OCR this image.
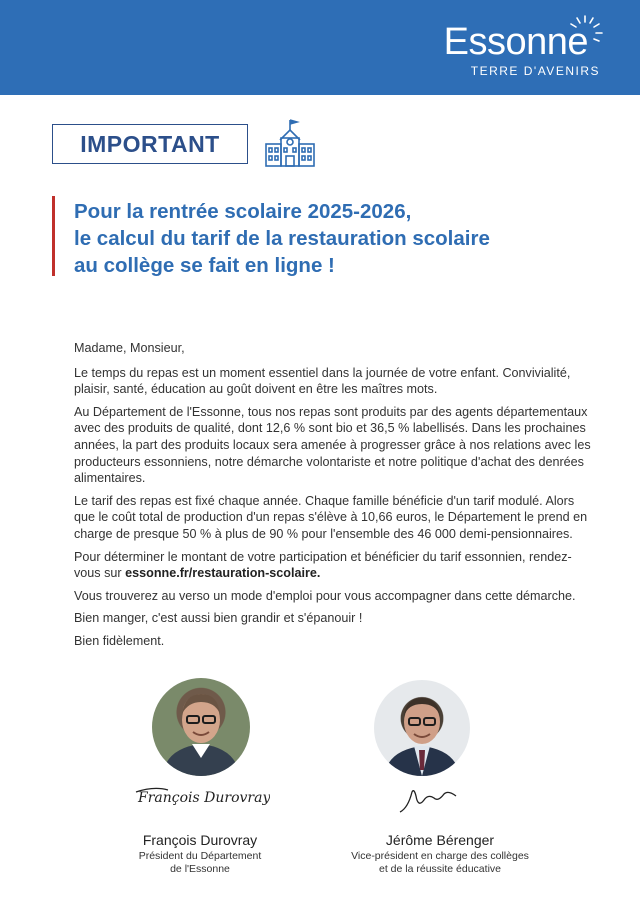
Essonne
TERRE D'AVENIRS
IMPORTANT
Pour la rentrée scolaire 2025-2026,
le calcul du tarif de la restauration scolaire
au collège se fait en ligne !

Madame, Monsieur,

Le temps du repas est un moment essentiel dans la journée de votre enfant. Convivialité, plaisir, santé, éducation au goût doivent en être les maîtres mots.

Au Département de l'Essonne, tous nos repas sont produits par des agents départementaux avec des produits de qualité, dont 12,6 % sont bio et 36,5 % labellisés. Dans les prochaines années, la part des produits locaux sera amenée à progresser grâce à nos relations avec les producteurs essonniens, notre démarche volontariste et notre politique d'achat des denrées alimentaires.

Le tarif des repas est fixé chaque année. Chaque famille bénéficie d'un tarif modulé. Alors que le coût total de production d'un repas s'élève à 10,66 euros, le Département le prend en charge de presque 50 % à plus de 90 % pour l'ensemble des 46 000 demi-pensionnaires.

Pour déterminer le montant de votre participation et bénéficier du tarif essonnien, rendez-vous sur essonne.fr/restauration-scolaire.

Vous trouverez au verso un mode d'emploi pour vous accompagner dans cette démarche.

Bien manger, c'est aussi bien grandir et s'épanouir !

Bien fidèlement.

François Durovray
François Durovray
Président du Département
de l'Essonne
Jérôme Bérenger
Vice-président en charge des collèges
et de la réussite éducative
